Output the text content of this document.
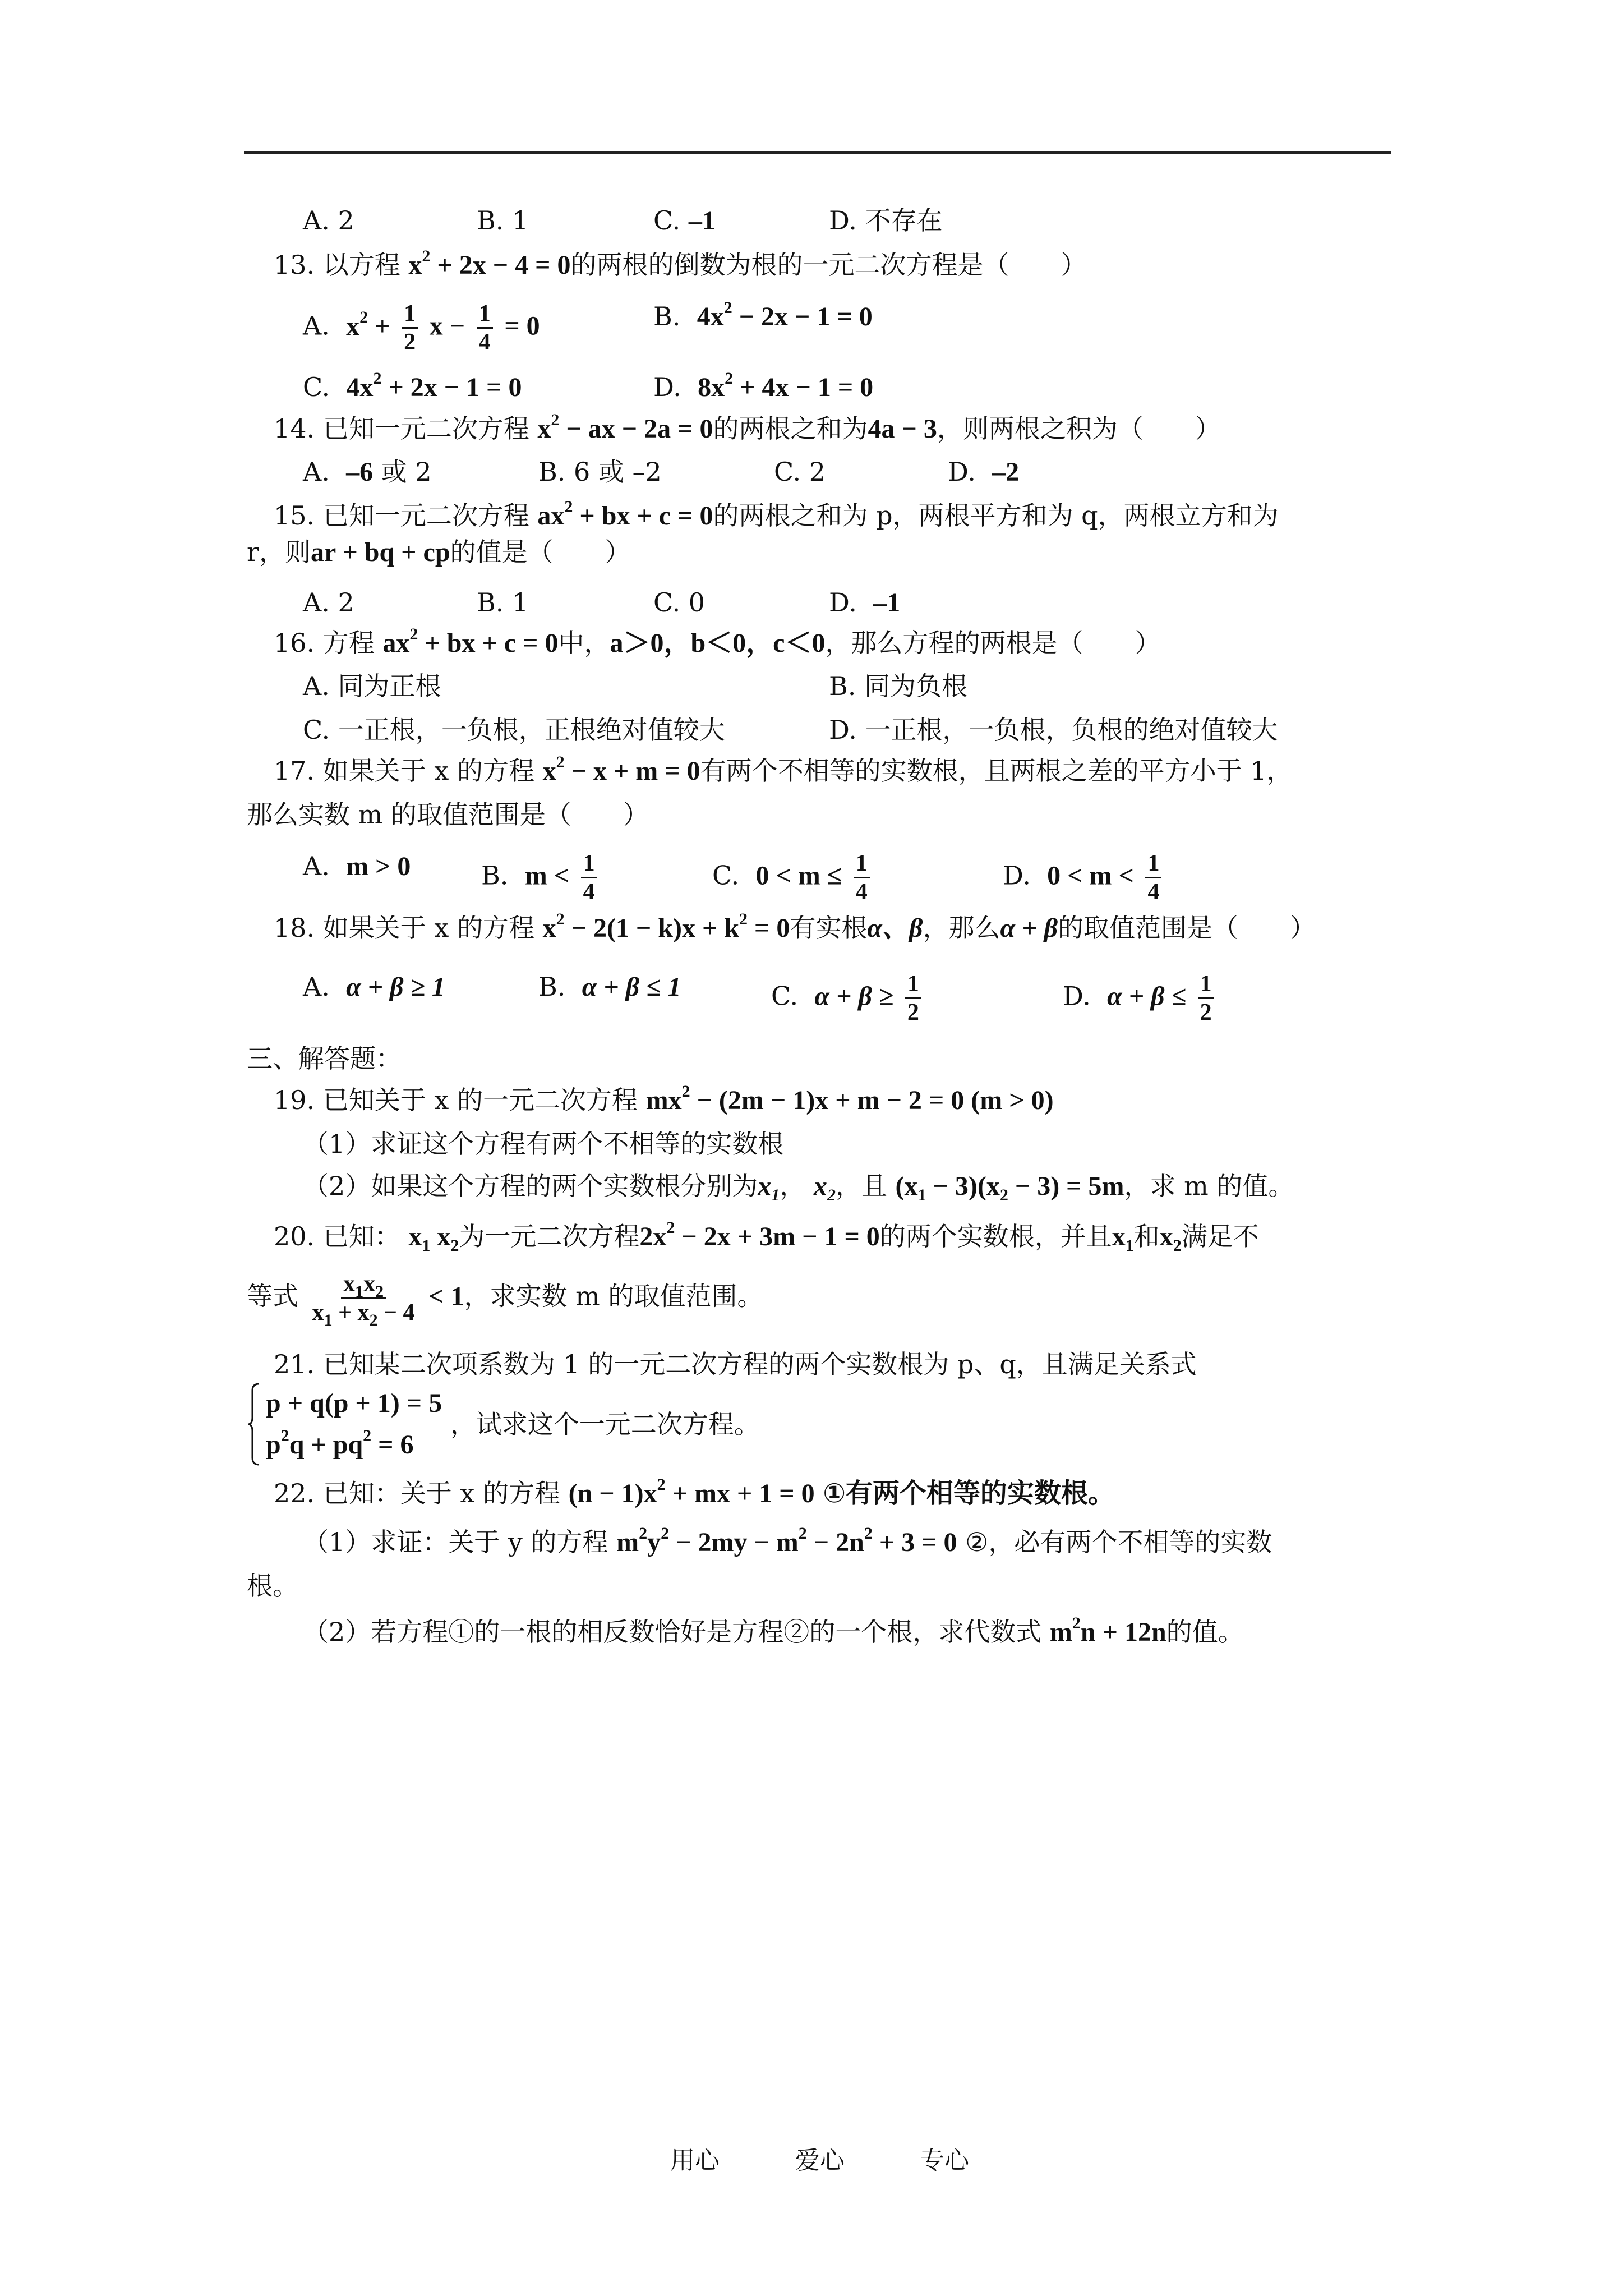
A. 2	B. 1	C. –1	D. 不存在
13. 以方程 $x^2 + 2x - 4 = 0$的两根的倒数为根的一元二次方程是（　　）
A. $x^2 + \frac{1}{2}$ $x - \frac{1}{4} = 0$	B. $4x^2 - 2x - 1 = 0$
C. $4x^2 + 2x - 1 = 0$	D. $8x^2 + 4x - 1 = 0$
14. 已知一元二次方程 $x^2$ − ax − 2a = 0的两根之和为4a − 3，则两根之积为（　　）
A. –6 或 2	B. 6 或 –2	C. 2	D. –2
15. 已知一元二次方程 $ax^2$ + bx + c = 0的两根之和为 p，两根平方和为 q，两根立方和为
r，则ar + bq + cp的值是（　　）
A. 2	B. 1	C. 0	D. –1
16. 方程 $ax^2$ + bx + c = 0中，a＞0，b＜0，c＜0，那么方程的两根是（　　）
A. 同为正根	B. 同为负根
C. 一正根，一负根，正根绝对值较大	D. 一正根，一负根，负根的绝对值较大
17. 如果关于 x 的方程 $x^2 - x + m = 0$有两个不相等的实数根，且两根之差的平方小于 1，
那么实数 m 的取值范围是（　　）
A. m > 0	B. $m < \frac{1}{4}$	C. $0 < m \le \frac{1}{4}$	D. $0 < m < \frac{1}{4}$
18. 如果关于 x 的方程 $x^2 - 2(1 - k)x + k^2 = 0$有实根α、β，那么α + β的取值范围是（　　）
A. α + β ≥ 1	B. α + β ≤ 1	C. $\alpha + \beta \ge \frac{1}{2}$	D. $\alpha + \beta \le \frac{1}{2}$
三、解答题：
19. 已知关于 x 的一元二次方程 $mx^2 - (2m - 1)x + m - 2 = 0$ (m > 0)
（1）求证这个方程有两个不相等的实数根
（2）如果这个方程的两个实数根分别为$x_1$， $x_2$，且 $(x_1 - 3)(x_2 - 3) = 5m$，求 m 的值。
20. 已知： $x_1$ $x_2$为一元二次方程$2x^2 - 2x + 3m - 1 = 0$的两个实数根，并且$x_1$和$x_2$满足不
等式 $\frac{x_1x_2}{x_1 + x_2 - 4} < 1$，求实数 m 的取值范围。
21. 已知某二次项系数为 1 的一元二次方程的两个实数根为 p、q，且满足关系式
p + q(p + 1) = 5
$p^2q + pq^2 = 6$
，试求这个一元二次方程。
22. 已知：关于 x 的方程 $(n - 1)x^2$ + mx + 1 = 0 ①有两个相等的实数根。
（1）求证：关于 y 的方程 $m^2y^2 - 2my - m^2 - 2n^2 + 3 = 0$ ②，必有两个不相等的实数
根。
（2）若方程①的一根的相反数恰好是方程②的一个根，求代数式 $m^2n + 12n$的值。
用心	爱心	专心
